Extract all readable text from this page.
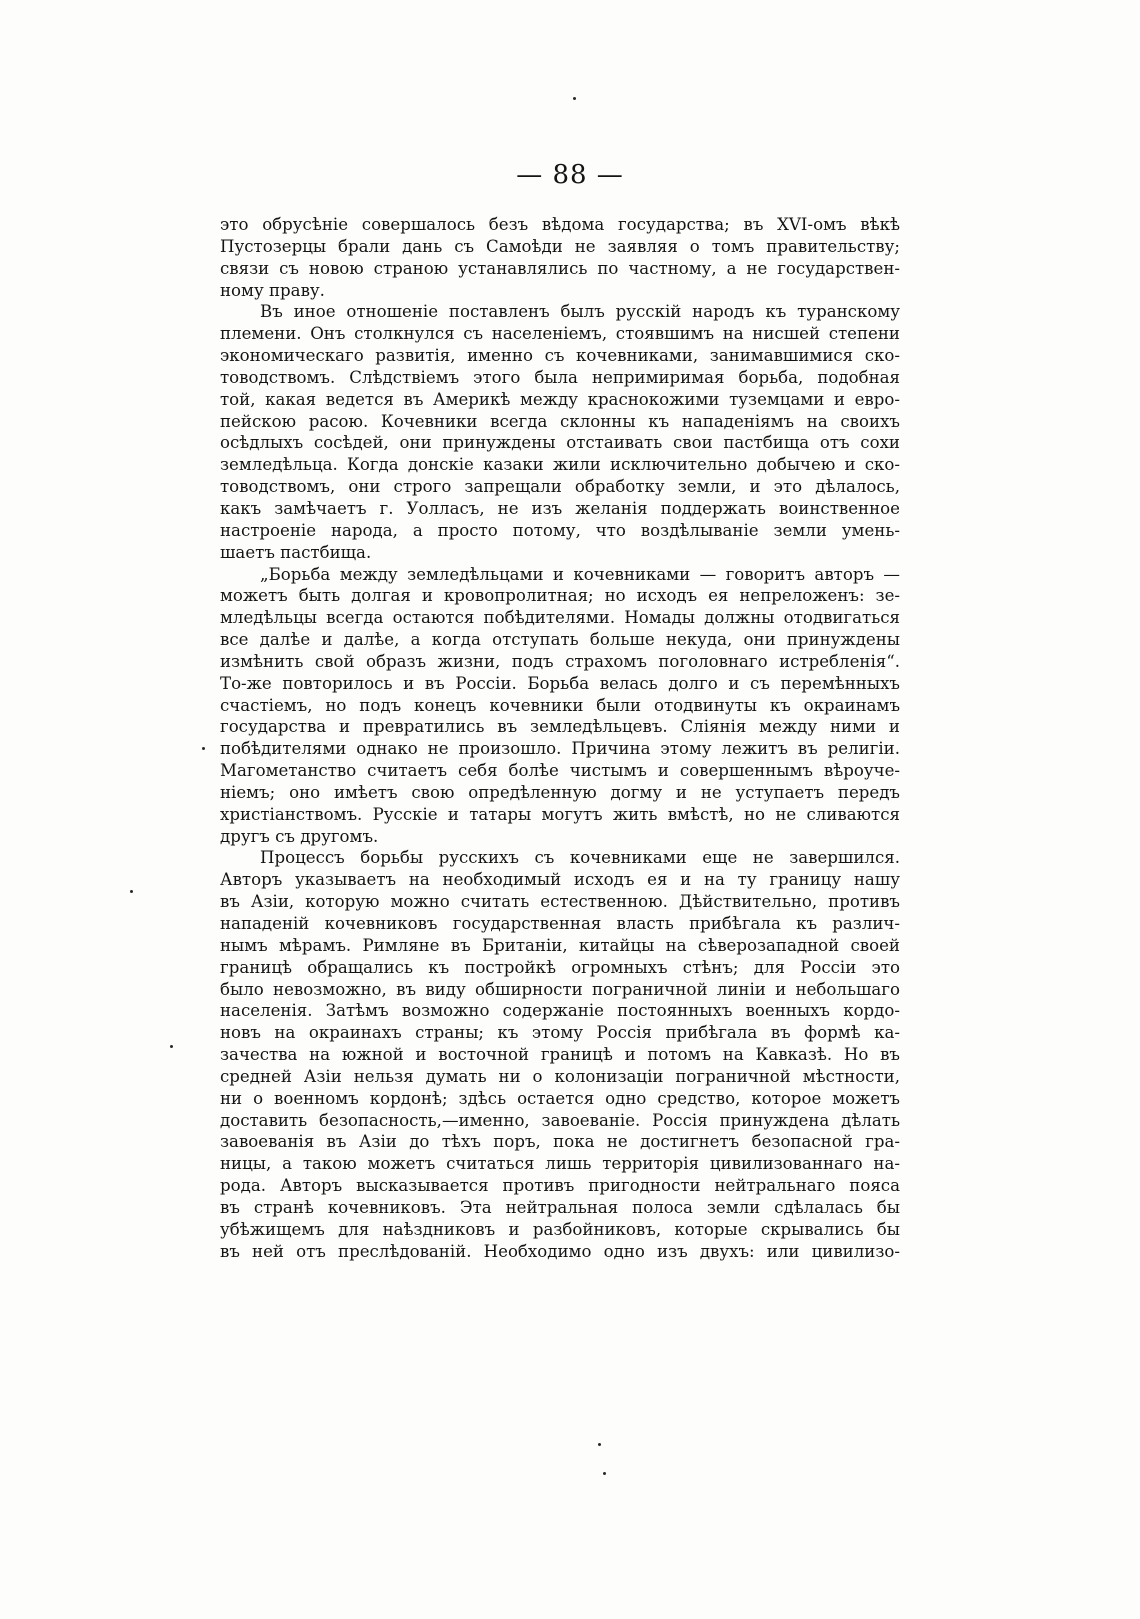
— 88 —
это обрусѣніе совершалось безъ вѣдома государства; въ XVI-омъ вѣкѣ
Пустозерцы брали дань съ Самоѣди не заявляя о томъ правительству;
связи съ новою страною устанавлялись по частному, а не государствен-
ному праву.
Въ иное отношеніе поставленъ былъ русскій народъ къ туранскому
племени. Онъ столкнулся съ населеніемъ, стоявшимъ на нисшей степени
экономическаго развитія, именно съ кочевниками, занимавшимися ско-
товодствомъ. Слѣдствіемъ этого была непримиримая борьба, подобная
той, какая ведется въ Америкѣ между краснокожими туземцами и евро-
пейскою расою. Кочевники всегда склонны къ нападеніямъ на своихъ
осѣдлыхъ сосѣдей, они принуждены отстаивать свои пастбища отъ сохи
земледѣльца. Когда донскіе казаки жили исключительно добычею и ско-
товодствомъ, они строго запрещали обработку земли, и это дѣлалось,
какъ замѣчаетъ г. Уолласъ, не изъ желанія поддержать воинственное
настроеніе народа, а просто потому, что воздѣлываніе земли умень-
шаетъ пастбища.
„Борьба между земледѣльцами и кочевниками — говоритъ авторъ —
можетъ быть долгая и кровопролитная; но исходъ ея непреложенъ: зе-
мледѣльцы всегда остаются побѣдителями. Номады должны отодвигаться
все далѣе и далѣе, а когда отступать больше некуда, они принуждены
измѣнить свой образъ жизни, подъ страхомъ поголовнаго истребленія“.
То-же повторилось и въ Россіи. Борьба велась долго и съ перемѣнныхъ
счастіемъ, но подъ конецъ кочевники были отодвинуты къ окраинамъ
государства и превратились въ земледѣльцевъ. Сліянія между ними и
побѣдителями однако не произошло. Причина этому лежитъ въ религіи.
Магометанство считаетъ себя болѣе чистымъ и совершеннымъ вѣроуче-
ніемъ; оно имѣетъ свою опредѣленную догму и не уступаетъ передъ
христіанствомъ. Русскіе и татары могутъ жить вмѣстѣ, но не сливаются
другъ съ другомъ.
Процессъ борьбы русскихъ съ кочевниками еще не завершился.
Авторъ указываетъ на необходимый исходъ ея и на ту границу нашу
въ Азіи, которую можно считать естественною. Дѣйствительно, противъ
нападеній кочевниковъ государственная власть прибѣгала къ различ-
нымъ мѣрамъ. Римляне въ Британіи, китайцы на сѣверозападной своей
границѣ обращались къ постройкѣ огромныхъ стѣнъ; для Россіи это
было невозможно, въ виду обширности пограничной линіи и небольшаго
населенія. Затѣмъ возможно содержаніе постоянныхъ военныхъ кордо-
новъ на окраинахъ страны; къ этому Россія прибѣгала въ формѣ ка-
зачества на южной и восточной границѣ и потомъ на Кавказѣ. Но въ
средней Азіи нельзя думать ни о колонизаціи пограничной мѣстности,
ни о военномъ кордонѣ; здѣсь остается одно средство, которое можетъ
доставить безопасность,—именно, завоеваніе. Россія принуждена дѣлать
завоеванія въ Азіи до тѣхъ поръ, пока не достигнетъ безопасной гра-
ницы, а такою можетъ считаться лишь территорія цивилизованнаго на-
рода. Авторъ высказывается противъ пригодности нейтральнаго пояса
въ странѣ кочевниковъ. Эта нейтральная полоса земли сдѣлалась бы
убѣжищемъ для наѣздниковъ и разбойниковъ, которые скрывались бы
въ ней отъ преслѣдованій. Необходимо одно изъ двухъ: или цивилизо-
